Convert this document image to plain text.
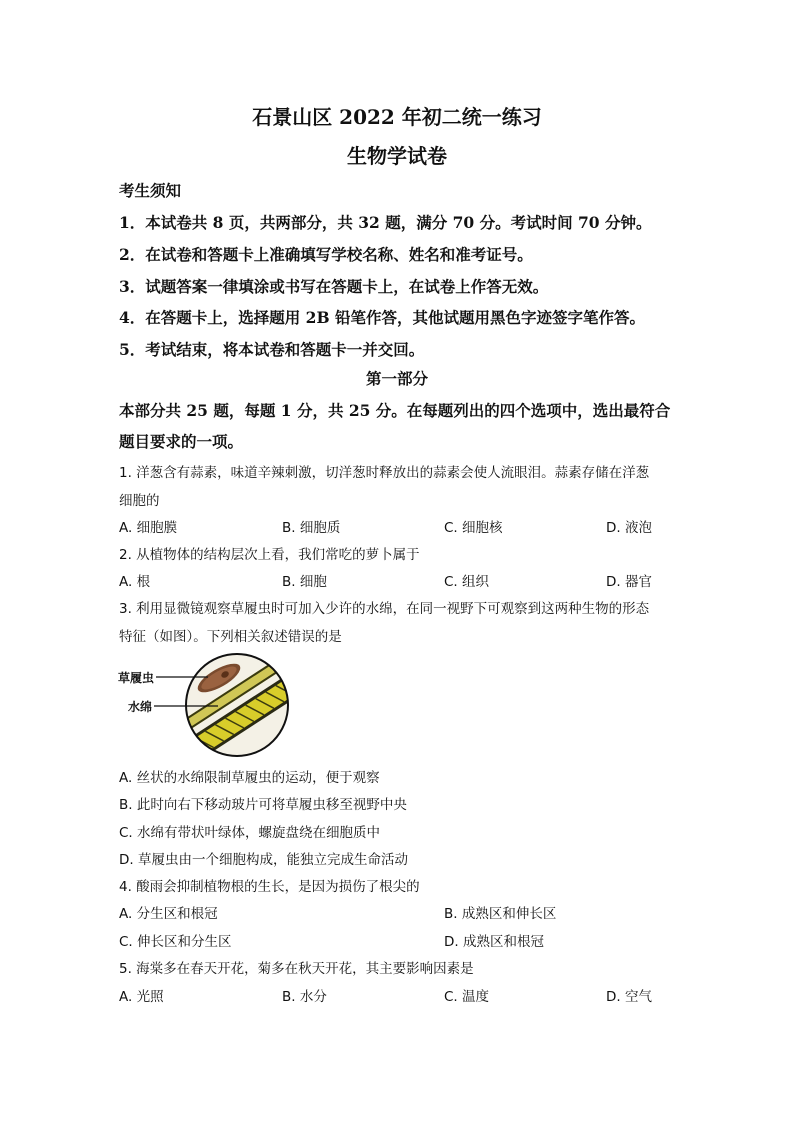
石景山区 2022 年初二统一练习
生物学试卷
考生须知
1．本试卷共 8 页，共两部分，共 32 题，满分 70 分。考试时间 70 分钟。
2．在试卷和答题卡上准确填写学校名称、姓名和准考证号。
3．试题答案一律填涂或书写在答题卡上，在试卷上作答无效。
4．在答题卡上，选择题用 2B 铅笔作答，其他试题用黑色字迹签字笔作答。
5．考试结束，将本试卷和答题卡一并交回。
第一部分
本部分共 25 题，每题 1 分，共 25 分。在每题列出的四个选项中，选出最符合
题目要求的一项。
1. 洋葱含有蒜素，味道辛辣刺激，切洋葱时释放出的蒜素会使人流眼泪。蒜素存储在洋葱
细胞的
A. 细胞膜	B. 细胞质	C. 细胞核	D. 液泡
2. 从植物体的结构层次上看，我们常吃的萝卜属于
A. 根	B. 细胞	C. 组织	D. 器官
3. 利用显微镜观察草履虫时可加入少许的水绵，在同一视野下可观察到这两种生物的形态
特征（如图）。下列相关叙述错误的是
草履虫
水绵
A. 丝状的水绵限制草履虫的运动，便于观察
B. 此时向右下移动玻片可将草履虫移至视野中央
C. 水绵有带状叶绿体，螺旋盘绕在细胞质中
D. 草履虫由一个细胞构成，能独立完成生命活动
4. 酸雨会抑制植物根的生长，是因为损伤了根尖的
A. 分生区和根冠	B. 成熟区和伸长区
C. 伸长区和分生区	D. 成熟区和根冠
5. 海棠多在春天开花，菊多在秋天开花，其主要影响因素是
A. 光照	B. 水分	C. 温度	D. 空气
